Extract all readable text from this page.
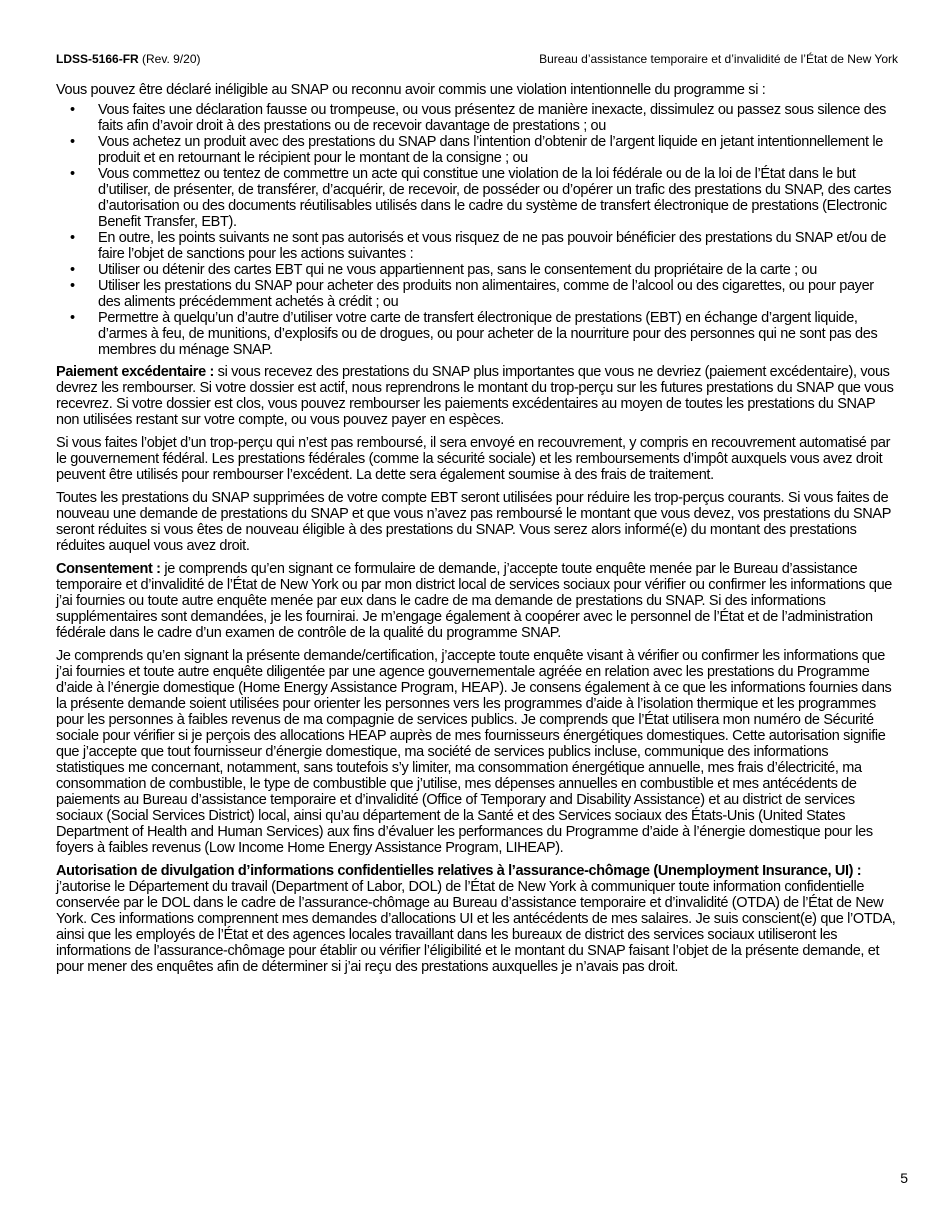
LDSS-5166-FR (Rev. 9/20)	Bureau d’assistance temporaire et d’invalidité de l’État de New York

Vous pouvez être déclaré inéligible au SNAP ou reconnu avoir commis une violation intentionnelle du programme si :

• Vous faites une déclaration fausse ou trompeuse, ou vous présentez de manière inexacte, dissimulez ou passez sous silence des faits afin d’avoir droit à des prestations ou de recevoir davantage de prestations ; ou
• Vous achetez un produit avec des prestations du SNAP dans l’intention d’obtenir de l’argent liquide en jetant intentionnellement le produit et en retournant le récipient pour le montant de la consigne ; ou
• Vous commettez ou tentez de commettre un acte qui constitue une violation de la loi fédérale ou de la loi de l’État dans le but d’utiliser, de présenter, de transférer, d’acquérir, de recevoir, de posséder ou d’opérer un trafic des prestations du SNAP, des cartes d’autorisation ou des documents réutilisables utilisés dans le cadre du système de transfert électronique de prestations (Electronic Benefit Transfer, EBT).
• En outre, les points suivants ne sont pas autorisés et vous risquez de ne pas pouvoir bénéficier des prestations du SNAP et/ou de faire l’objet de sanctions pour les actions suivantes :
• Utiliser ou détenir des cartes EBT qui ne vous appartiennent pas, sans le consentement du propriétaire de la carte ; ou
• Utiliser les prestations du SNAP pour acheter des produits non alimentaires, comme de l’alcool ou des cigarettes, ou pour payer des aliments précédemment achetés à crédit ; ou
• Permettre à quelqu’un d’autre d’utiliser votre carte de transfert électronique de prestations (EBT) en échange d’argent liquide, d’armes à feu, de munitions, d’explosifs ou de drogues, ou pour acheter de la nourriture pour des personnes qui ne sont pas des membres du ménage SNAP.

Paiement excédentaire : si vous recevez des prestations du SNAP plus importantes que vous ne devriez (paiement excédentaire), vous devrez les rembourser. Si votre dossier est actif, nous reprendrons le montant du trop-perçu sur les futures prestations du SNAP que vous recevrez. Si votre dossier est clos, vous pouvez rembourser les paiements excédentaires au moyen de toutes les prestations du SNAP non utilisées restant sur votre compte, ou vous pouvez payer en espèces.

Si vous faites l’objet d’un trop-perçu qui n’est pas remboursé, il sera envoyé en recouvrement, y compris en recouvrement automatisé par le gouvernement fédéral. Les prestations fédérales (comme la sécurité sociale) et les remboursements d’impôt auxquels vous avez droit peuvent être utilisés pour rembourser l’excédent. La dette sera également soumise à des frais de traitement.

Toutes les prestations du SNAP supprimées de votre compte EBT seront utilisées pour réduire les trop-perçus courants. Si vous faites de nouveau une demande de prestations du SNAP et que vous n’avez pas remboursé le montant que vous devez, vos prestations du SNAP seront réduites si vous êtes de nouveau éligible à des prestations du SNAP. Vous serez alors informé(e) du montant des prestations réduites auquel vous avez droit.

Consentement : je comprends qu’en signant ce formulaire de demande, j’accepte toute enquête menée par le Bureau d’assistance temporaire et d’invalidité de l’État de New York ou par mon district local de services sociaux pour vérifier ou confirmer les informations que j’ai fournies ou toute autre enquête menée par eux dans le cadre de ma demande de prestations du SNAP. Si des informations supplémentaires sont demandées, je les fournirai. Je m’engage également à coopérer avec le personnel de l’État et de l’administration fédérale dans le cadre d’un examen de contrôle de la qualité du programme SNAP.

Je comprends qu’en signant la présente demande/certification, j’accepte toute enquête visant à vérifier ou confirmer les informations que j’ai fournies et toute autre enquête diligentée par une agence gouvernementale agréée en relation avec les prestations du Programme d’aide à l’énergie domestique (Home Energy Assistance Program, HEAP). Je consens également à ce que les informations fournies dans la présente demande soient utilisées pour orienter les personnes vers les programmes d’aide à l’isolation thermique et les programmes pour les personnes à faibles revenus de ma compagnie de services publics. Je comprends que l’État utilisera mon numéro de Sécurité sociale pour vérifier si je perçois des allocations HEAP auprès de mes fournisseurs énergétiques domestiques. Cette autorisation signifie que j’accepte que tout fournisseur d’énergie domestique, ma société de services publics incluse, communique des informations statistiques me concernant, notamment, sans toutefois s’y limiter, ma consommation énergétique annuelle, mes frais d’électricité, ma consommation de combustible, le type de combustible que j’utilise, mes dépenses annuelles en combustible et mes antécédents de paiements au Bureau d’assistance temporaire et d’invalidité (Office of Temporary and Disability Assistance) et au district de services sociaux (Social Services District) local, ainsi qu’au département de la Santé et des Services sociaux des États-Unis (United States Department of Health and Human Services) aux fins d’évaluer les performances du Programme d’aide à l’énergie domestique pour les foyers à faibles revenus (Low Income Home Energy Assistance Program, LIHEAP).

Autorisation de divulgation d’informations confidentielles relatives à l’assurance-chômage (Unemployment Insurance, UI) : j’autorise le Département du travail (Department of Labor, DOL) de l’État de New York à communiquer toute information confidentielle conservée par le DOL dans le cadre de l’assurance-chômage au Bureau d’assistance temporaire et d’invalidité (OTDA) de l’État de New York. Ces informations comprennent mes demandes d’allocations UI et les antécédents de mes salaires. Je suis conscient(e) que l’OTDA, ainsi que les employés de l’État et des agences locales travaillant dans les bureaux de district des services sociaux utiliseront les informations de l’assurance-chômage pour établir ou vérifier l’éligibilité et le montant du SNAP faisant l’objet de la présente demande, et pour mener des enquêtes afin de déterminer si j’ai reçu des prestations auxquelles je n’avais pas droit.

5
